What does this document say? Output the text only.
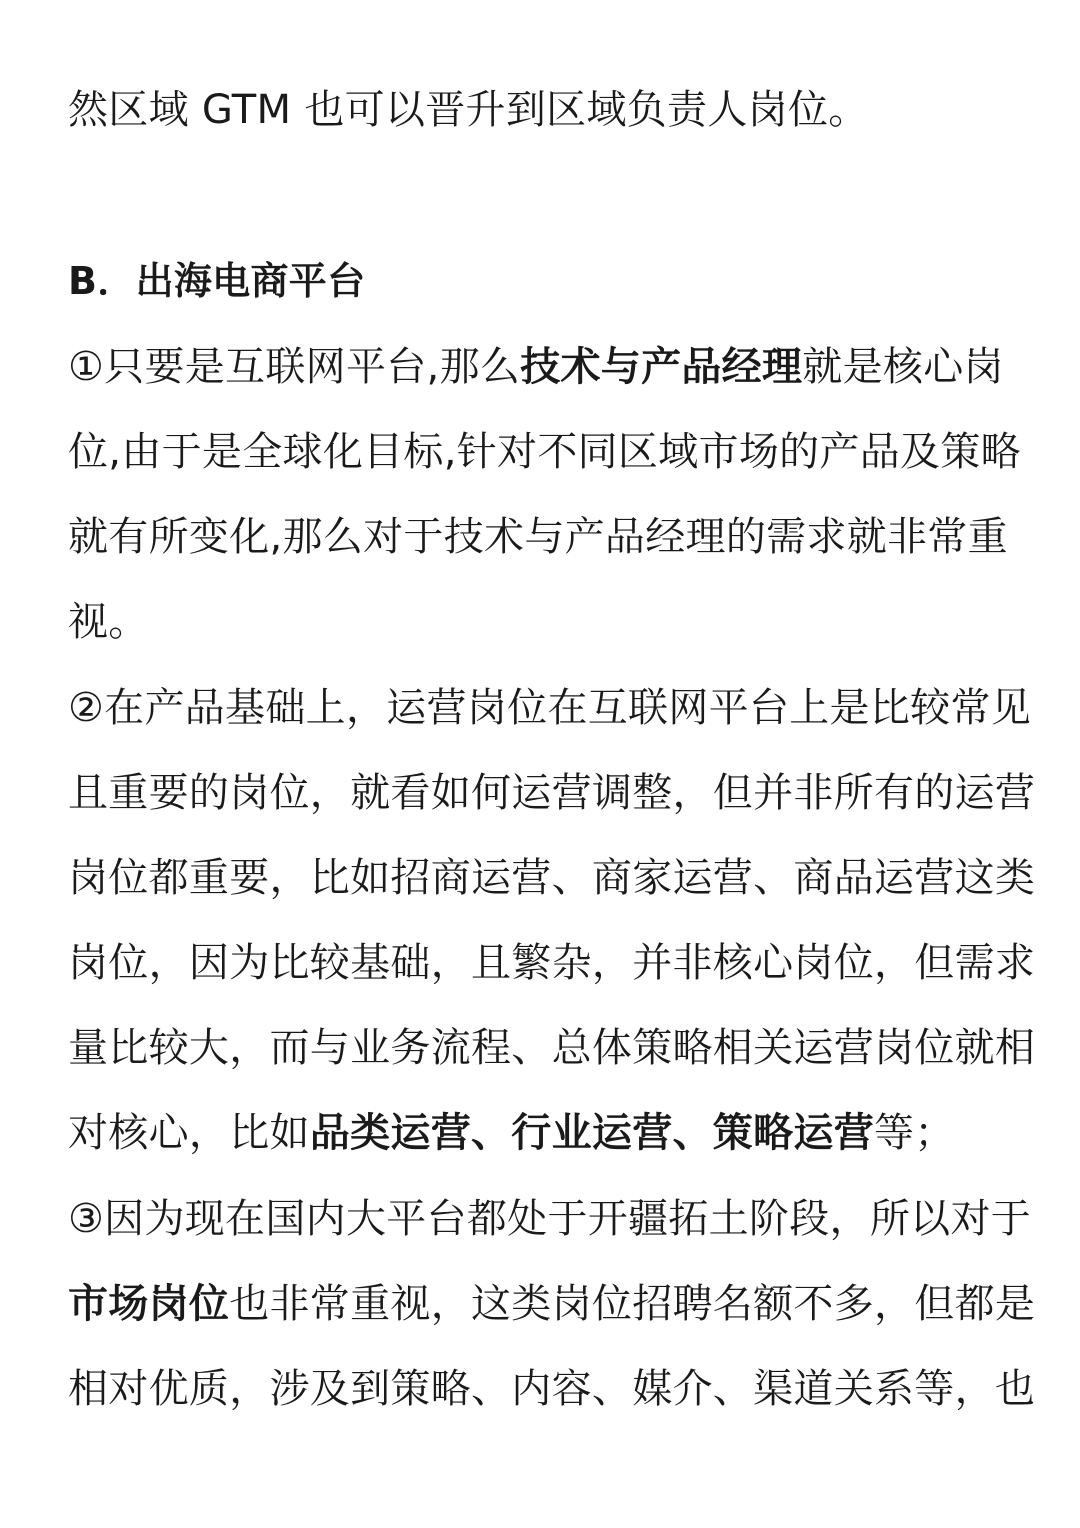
然区域 GTM 也可以晋升到区域负责人岗位。
B．出海电商平台
①只要是互联网平台,那么技术与产品经理就是核心岗
位,由于是全球化目标,针对不同区域市场的产品及策略
就有所变化,那么对于技术与产品经理的需求就非常重
视。
②在产品基础上，运营岗位在互联网平台上是比较常见
且重要的岗位，就看如何运营调整，但并非所有的运营
岗位都重要，比如招商运营、商家运营、商品运营这类
岗位，因为比较基础，且繁杂，并非核心岗位，但需求
量比较大，而与业务流程、总体策略相关运营岗位就相
对核心，比如品类运营、行业运营、策略运营等；
③因为现在国内大平台都处于开疆拓土阶段，所以对于
市场岗位也非常重视，这类岗位招聘名额不多，但都是
相对优质，涉及到策略、内容、媒介、渠道关系等，也
